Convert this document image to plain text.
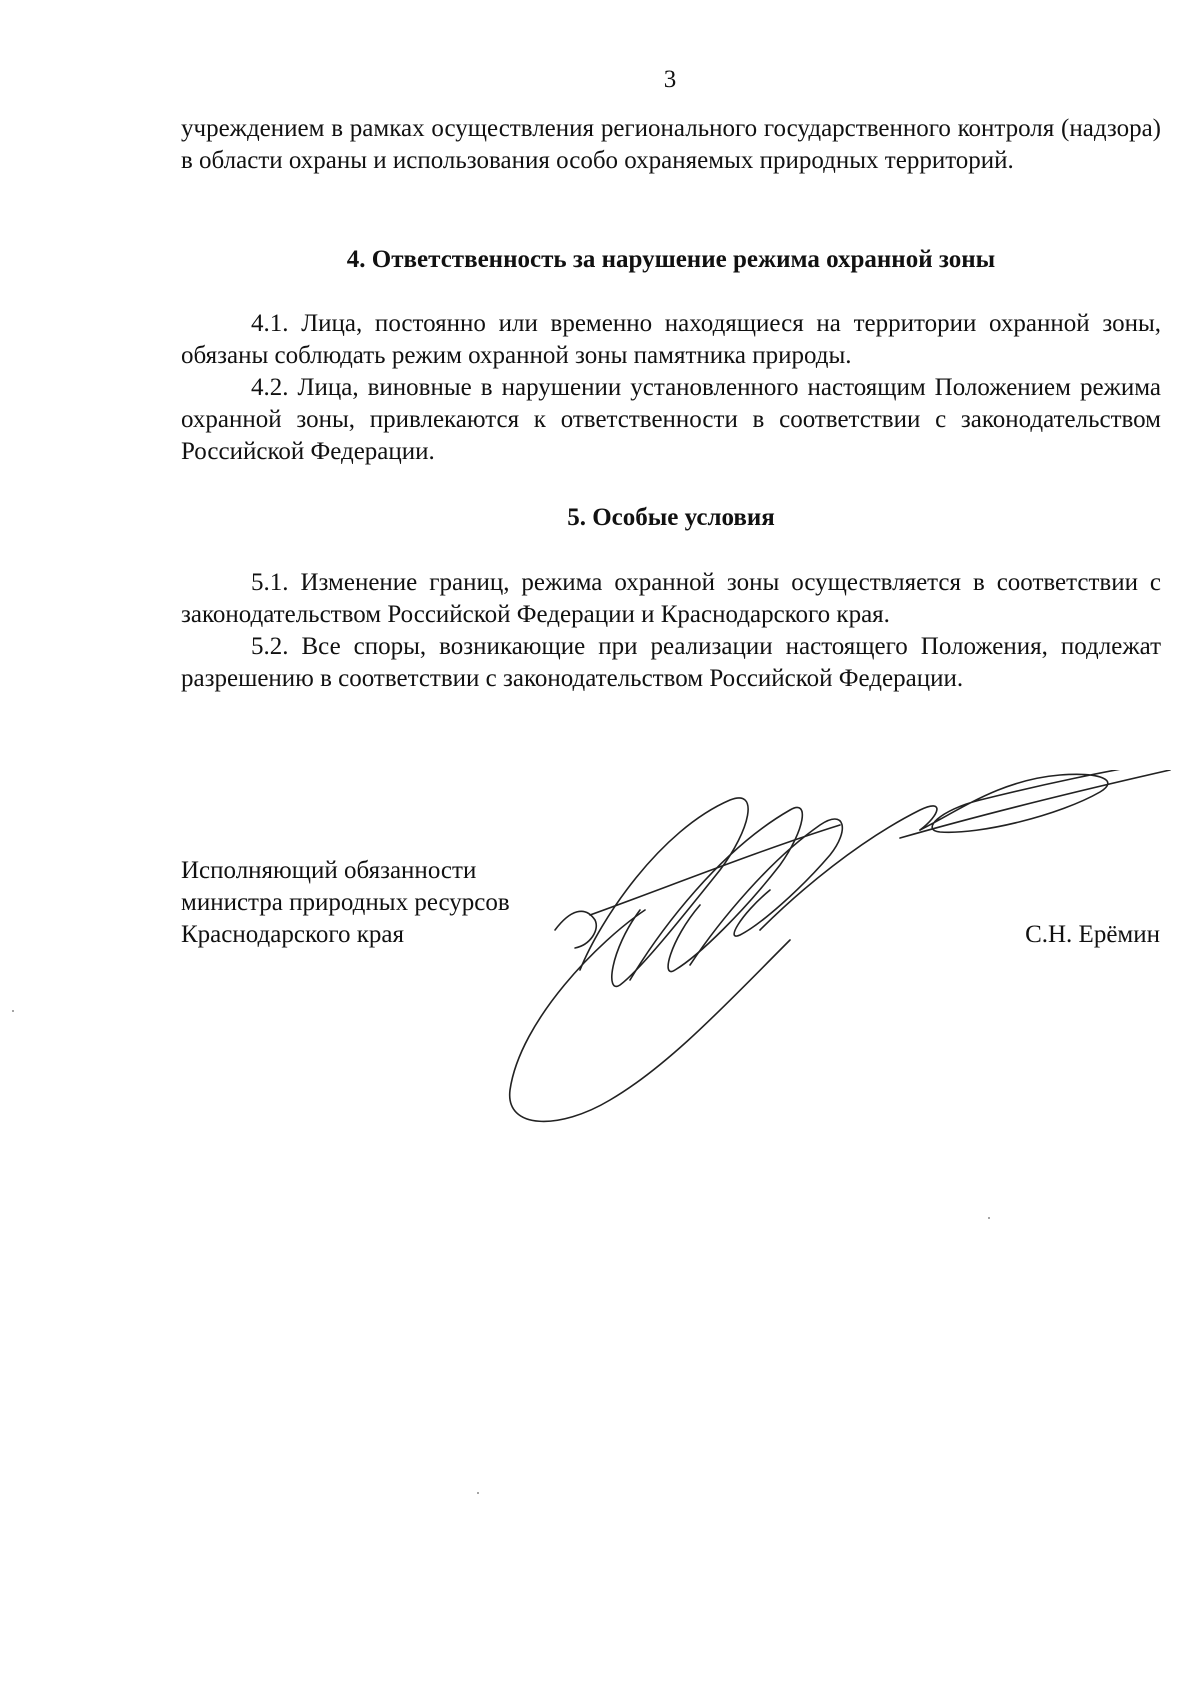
3

учреждением в рамках осуществления регионального государственного контроля (надзора) в области охраны и использования особо охраняемых природных территорий.

4. Ответственность за нарушение режима охранной зоны

4.1. Лица, постоянно или временно находящиеся на территории охранной зоны, обязаны соблюдать режим охранной зоны памятника природы.

4.2. Лица, виновные в нарушении установленного настоящим Положением режима охранной зоны, привлекаются к ответственности в соответствии с законодательством Российской Федерации.

5. Особые условия

5.1. Изменение границ, режима охранной зоны осуществляется в соответствии с законодательством Российской Федерации и Краснодарского края.

5.2. Все споры, возникающие при реализации настоящего Положения, подлежат разрешению в соответствии с законодательством Российской Федерации.

Исполняющий обязанности
министра природных ресурсов
Краснодарского края	С.Н. Ерёмин
